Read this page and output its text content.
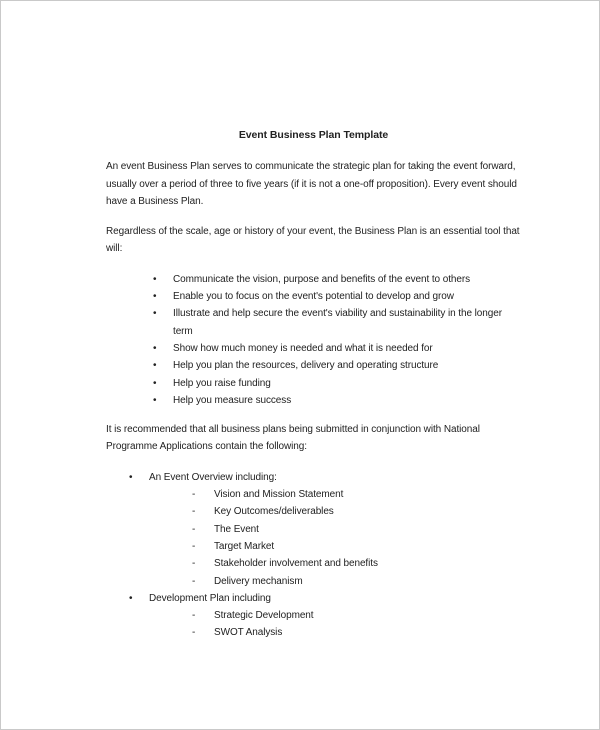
Event Business Plan Template

An event Business Plan serves to communicate the strategic plan for taking the event forward, usually over a period of three to five years (if it is not a one-off proposition). Every event should have a Business Plan.

Regardless of the scale, age or history of your event, the Business Plan is an essential tool that will:

•	Communicate the vision, purpose and benefits of the event to others
•	Enable you to focus on the event's potential to develop and grow
•	Illustrate and help secure the event's viability and sustainability in the longer term
•	Show how much money is needed and what it is needed for
•	Help you plan the resources, delivery and operating structure
•	Help you raise funding
•	Help you measure success

It is recommended that all business plans being submitted in conjunction with National Programme Applications contain the following:

•	An Event Overview including:
-	Vision and Mission Statement
-	Key Outcomes/deliverables
-	The Event
-	Target Market
-	Stakeholder involvement and benefits
-	Delivery mechanism
•	Development Plan including
-	Strategic Development
-	SWOT Analysis
